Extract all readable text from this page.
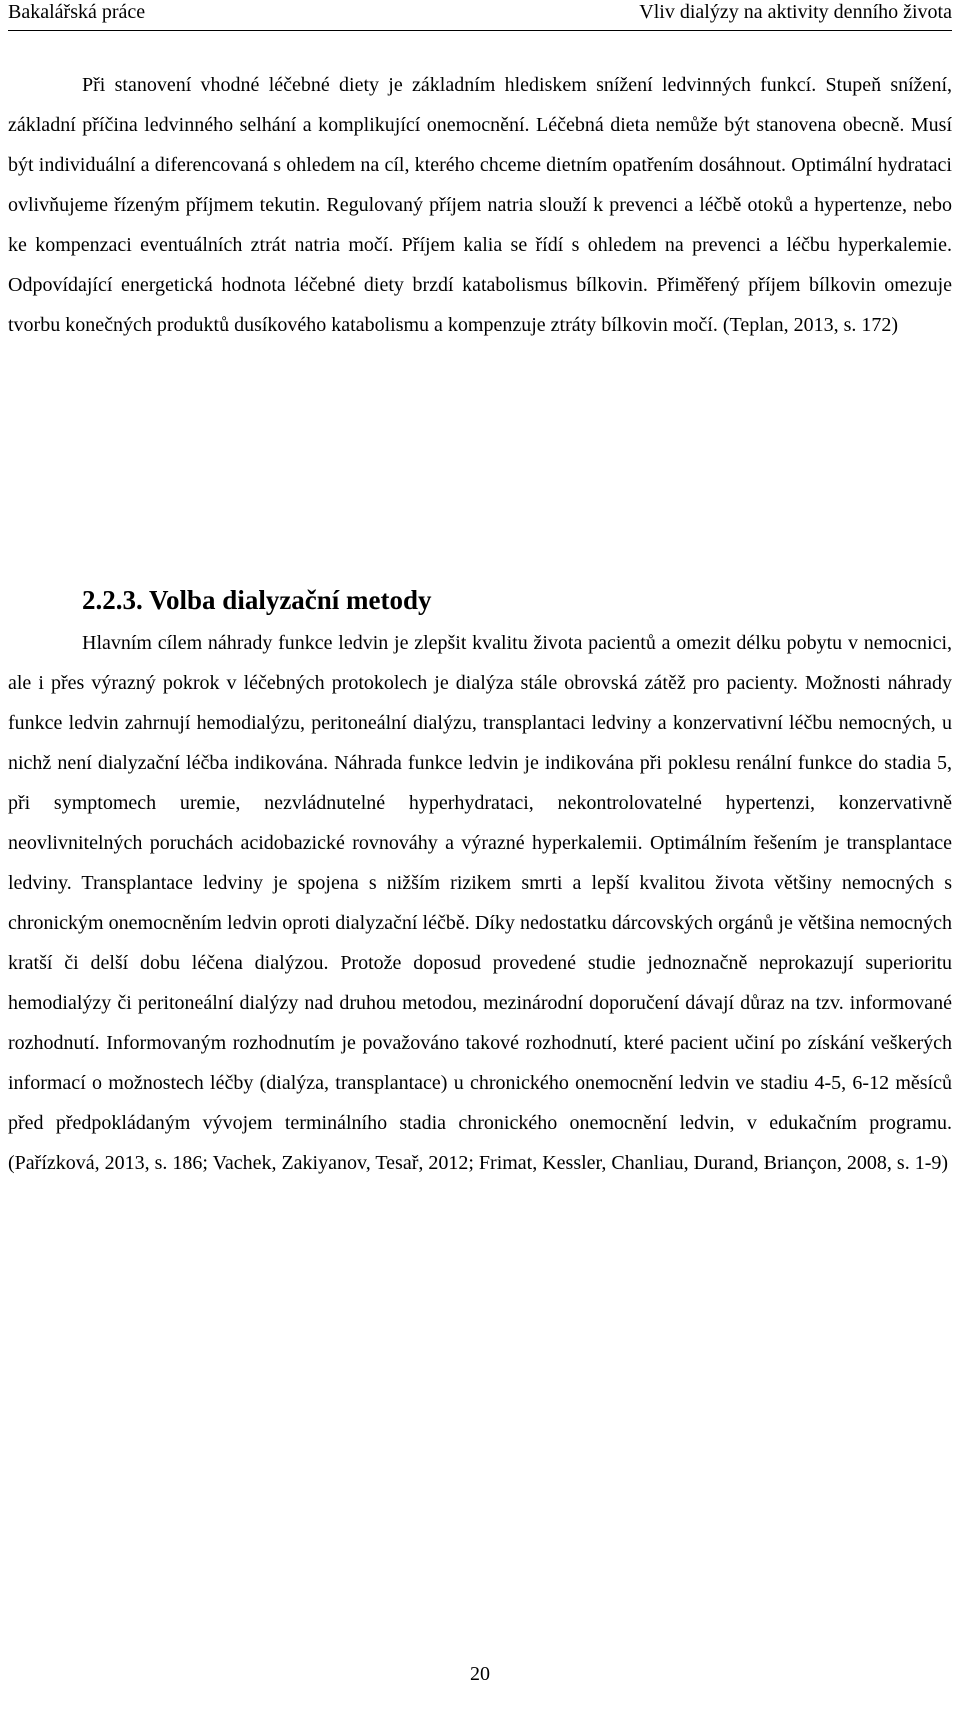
Bakalářská práce	Vliv dialýzy na aktivity denního života

Při stanovení vhodné léčebné diety je základním hlediskem snížení ledvinných funkcí. Stupeň snížení, základní příčina ledvinného selhání a komplikující onemocnění. Léčebná dieta nemůže být stanovena obecně. Musí být individuální a diferencovaná s ohledem na cíl, kterého chceme dietním opatřením dosáhnout. Optimální hydrataci ovlivňujeme řízeným příjmem tekutin. Regulovaný příjem natria slouží k prevenci a léčbě otoků a hypertenze, nebo ke kompenzaci eventuálních ztrát natria močí. Příjem kalia se řídí s ohledem na prevenci a léčbu hyperkalemie. Odpovídající energetická hodnota léčebné diety brzdí katabolismus bílkovin. Přiměřený příjem bílkovin omezuje tvorbu konečných produktů dusíkového katabolismu a kompenzuje ztráty bílkovin močí. (Teplan, 2013, s. 172)

2.2.3. Volba dialyzační metody

Hlavním cílem náhrady funkce ledvin je zlepšit kvalitu života pacientů a omezit délku pobytu v nemocnici, ale i přes výrazný pokrok v léčebných protokolech je dialýza stále obrovská zátěž pro pacienty. Možnosti náhrady funkce ledvin zahrnují hemodialýzu, peritoneální dialýzu, transplantaci ledviny a konzervativní léčbu nemocných, u nichž není dialyzační léčba indikována. Náhrada funkce ledvin je indikována při poklesu renální funkce do stadia 5, při symptomech uremie, nezvládnutelné hyperhydrataci, nekontrolovatelné hypertenzi, konzervativně neovlivnitelných poruchách acidobazické rovnováhy a výrazné hyperkalemii. Optimálním řešením je transplantace ledviny. Transplantace ledviny je spojena s nižším rizikem smrti a lepší kvalitou života většiny nemocných s chronickým onemocněním ledvin oproti dialyzační léčbě. Díky nedostatku dárcovských orgánů je většina nemocných kratší či delší dobu léčena dialýzou. Protože doposud provedené studie jednoznačně neprokazují superioritu hemodialýzy či peritoneální dialýzy nad druhou metodou, mezinárodní doporučení dávají důraz na tzv. informované rozhodnutí. Informovaným rozhodnutím je považováno takové rozhodnutí, které pacient učiní po získání veškerých informací o možnostech léčby (dialýza, transplantace) u chronického onemocnění ledvin ve stadiu 4-5, 6-12 měsíců před předpokládaným vývojem terminálního stadia chronického onemocnění ledvin, v edukačním programu. (Pařízková, 2013, s. 186; Vachek, Zakiyanov, Tesař, 2012; Frimat, Kessler, Chanliau, Durand, Briançon, 2008, s. 1-9)

20
